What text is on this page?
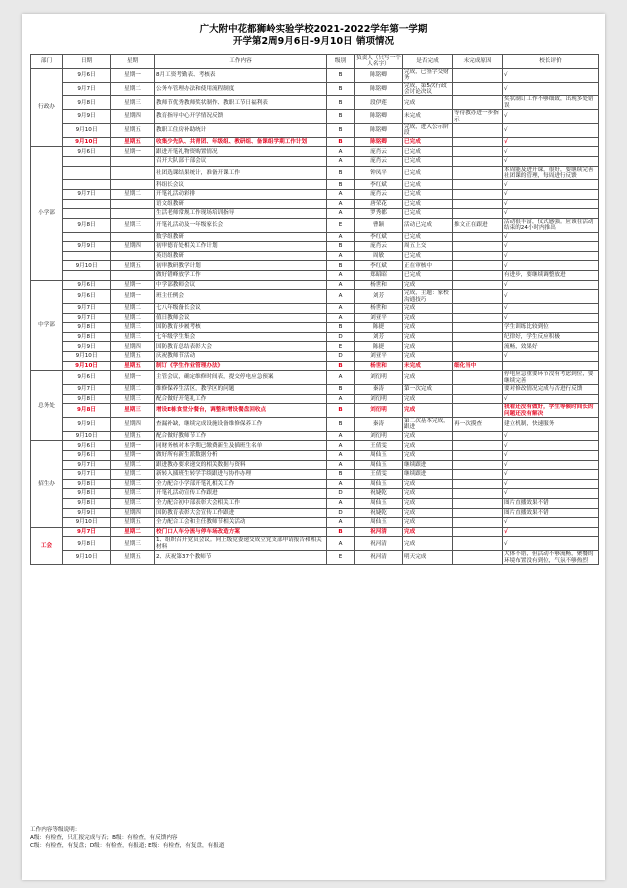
广大附中花都狮岭实验学校2021-2022学年第一学期
开学第2周9月6日-9月10日 销项情况
部门	日期	星期	工作内容	级别	负责人（只写一个人名字）	是否完成	未完成原因	校长评价
行政办	9月6日	星期一	8月工资考勤表、考核表	B	陈铭卿	完成，已签字交财务		√
	9月7日	星期二	公务车管理办法和使用流程制度	B	陈铭卿	完成，第5次行政会讨论决议		√
	9月8日	星期三	教师节优秀教师奖状制作、教职工节日福利表	B	段伊莲	完成		奖状制订工作不够细致，出现多处错误
	9月9日	星期四	教育指导中心开学情况反馈	B	陈铭卿	未完成	等待教办进一步指示	√
	9月10日	星期五	教职工住房补助统计	B	陈铭卿	完成，进入公示阶段		√
	9月10日	星期五	收集少先队、共青团、年级组、教研组、备课组学期工作计划	B	陈铭卿	已完成		√
小学部	9月6日	星期一	跟进开笔礼物资购置情况	A	庞肖云	已完成		√
			召开大队部干部会议	A	庞肖云	已完成		√
			社团选课结果统计，准备开课工作	B	钟凤平	已完成		本周能及进开课，很好，要继续完善社团课的管理，每周进行反馈
			科组长会议	B	李红斌	已完成		√
	9月7日	星期二	开笔礼活动彩排	A	庞肖云	已完成		√
			语文组教研	A	唐荣花	已完成		√
			生活老师常规工作现场培训指导	A	罗秀都	已完成		√
	9月8日	星期三	开笔礼活动及一年级家长会	E	曹颖	活动已完成	推文正在跟进	活动很丰富，仪式感强。应该在活动结束的24小时内推出
			数学组教研	A	李红斌	已完成		√
	9月9日	星期四	初审德育处相关工作计划	B	庞肖云	周五上交		√
			英语组教研	A	周敏	已完成		√
	9月10日	星期五	初审教研教学计划	B	李红斌	正在审核中		√
			做好错峰放学工作	A	郑昭昭	已完成		有进步，要继续调整放进
中学部	9月6日	星期一	中学部教师会议	A	杨世和	完成		√
	9月6日	星期一	班主任例会	A	刘芳	完成，主题：家校沟通技巧		√
	9月7日	星期二	七八年级备长会议	A	杨世和	完成		√
	9月7日	星期二	值日教师会议	A	刘亚平	完成		√
	9月8日	星期三	国防教育步履考核	B	陈捷	完成		学生训练比较到位
	9月8日	星期三	七年级学生集会	D	刘芳	完成		纪律好，学生反应积极
	9月9日	星期四	国防教育总结表彰大会	E	陈捷	完成		流畅，效果好
	9月10日	星期五	庆祝教师节活动	D	刘亚平	完成		√
	9月10日	星期五	制订《学生作业管理办法》	B	杨世和	未完成	细化当中	
总务处	9月6日	星期一	主管会议，确定维修时间表，提交停电应急预案	A	刘衍明	完成		停电应急重要环节没有考虑到位，要继续完善
	9月7日	星期二	维修保养生活区，教学区的问题	B	秦涛	第一次完成		要对修改情况完成与否进行反馈
	9月8日	星期三	配合做好开笔礼工作	A	刘衍明	完成		√
	9月8日	星期三	增设E栋食堂分餐台，调整和增设餐盘回收点	B	刘衍明	完成		我看还没有做好，学生等候时间长的问题还没有解决
	9月9日	星期四	查漏补缺，继续完成设施设备维修保养工作	B	秦涛	第二次基本完成，跟进	再一次摸查	建立机制，快速服务
	9月10日	星期五	配合做好教师节工作	A	刘衍明	完成		√
招生办	9月6日	星期一	同财务核对本学期已缴费新生及插班生名单	A	王倩雯	完成		√
	9月6日	星期一	做好所有新生派数据分析	A	周仙玉	完成		√
	9月7日	星期二	跟进教办要求递交的相关数据与资料	A	周仙玉	继续跟进		√
	9月7日	星期二	新转入插班生转学手续跟进与协作办理	B	王倩雯	继续跟进		√
	9月8日	星期三	全力配合小学部开笔礼相关工作	A	周仙玉	完成		√
	9月8日	星期三	开笔礼活动宣传工作跟进	D	祝婕乾	完成		√
	9月8日	星期三	全力配合初中部表彰大会相关工作	A	周仙玉	完成		图片直播效果不错
	9月9日	星期四	国防教育表彰大会宣传工作跟进	D	祝婕乾	完成		图片直播效果不错
	9月10日	星期五	全力配合工会和主任教师节相关活动	A	周仙玉	完成		√
工会	9月7日	星期二	校门口人车分流与停车场改造方案	B	祝河清	完成		√
	9月8日	星期三	1、组织召开党员会议。向上级党委递交成立党支部申请报告和相关材料	A	祝河清	完成		√
	9月10日	星期五	2、庆祝第37个教师节	E	祝河清	明天完成		大体不错，但活动不够流畅，聚餐的环境布置没有到位，气氛不够热烈
工作内容等级说明：
A级：有检查，只汇报完成与否；B级：有检查，有反馈内容
C级：有检查，有复盘；D级：有检查，有报道; E级：有检查，有复盘，有报道
